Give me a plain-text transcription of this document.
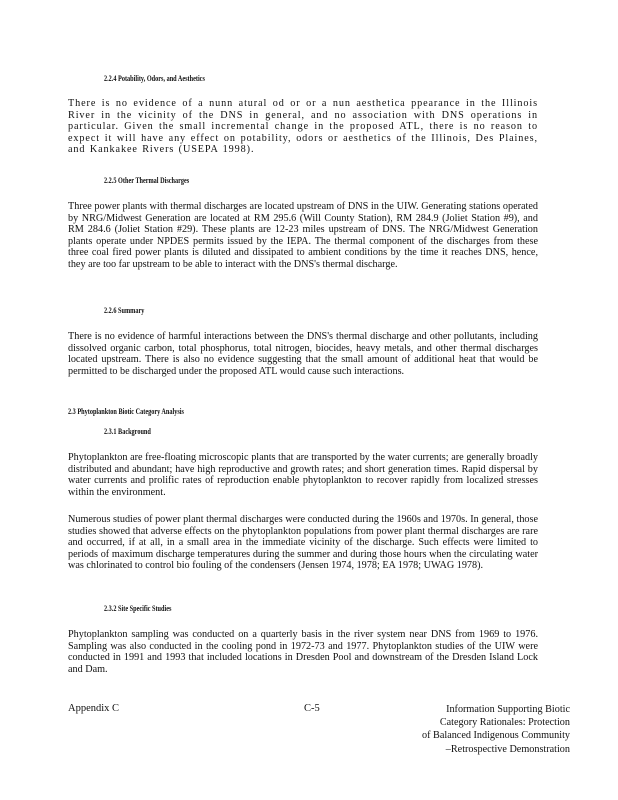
2.2.4 Potability, Odors, and Aesthetics

There is no evidence of a nunn atural od or or a nun aesthetica ppearance in the Illinois River in the vicinity of the DNS in general, and no association with DNS operations in particular. Given the small incremental change in the proposed ATL, there is no reason to expect it will have any effect on potability, odors or aesthetics of the Illinois, Des Plaines, and Kankakee Rivers (USEPA 1998).

2.2.5 Other Thermal Discharges

Three power plants with thermal discharges are located upstream of DNS in the UIW. Generating stations operated by NRG/Midwest Generation are located at RM 295.6 (Will County Station), RM 284.9 (Joliet Station #9), and RM 284.6 (Joliet Station #29). These plants are 12-23 miles upstream of DNS. The NRG/Midwest Generation plants operate under NPDES permits issued by the IEPA. The thermal component of the discharges from these three coal fired power plants is diluted and dissipated to ambient conditions by the time it reaches DNS, hence, they are too far upstream to be able to interact with the DNS's thermal discharge.

2.2.6 Summary

There is no evidence of harmful interactions between the DNS's thermal discharge and other pollutants, including dissolved organic carbon, total phosphorus, total nitrogen, biocides, heavy metals, and other thermal discharges located upstream. There is also no evidence suggesting that the small amount of additional heat that would be permitted to be discharged under the proposed ATL would cause such interactions.

2.3 Phytoplankton Biotic Category Analysis
2.3.1 Background

Phytoplankton are free-floating microscopic plants that are transported by the water currents; are generally broadly distributed and abundant; have high reproductive and growth rates; and short generation times. Rapid dispersal by water currents and prolific rates of reproduction enable phytoplankton to recover rapidly from localized stresses within the environment.

Numerous studies of power plant thermal discharges were conducted during the 1960s and 1970s. In general, those studies showed that adverse effects on the phytoplankton populations from power plant thermal discharges are rare and occurred, if at all, in a small area in the immediate vicinity of the discharge. Such effects were limited to periods of maximum discharge temperatures during the summer and during those hours when the circulating water was chlorinated to control bio fouling of the condensers (Jensen 1974, 1978; EA 1978; UWAG 1978).

2.3.2 Site Specific Studies

Phytoplankton sampling was conducted on a quarterly basis in the river system near DNS from 1969 to 1976. Sampling was also conducted in the cooling pond in 1972-73 and 1977. Phytoplankton studies of the UIW were conducted in 1991 and 1993 that included locations in Dresden Pool and downstream of the Dresden Island Lock and Dam.

Appendix C	C-5	Information Supporting Biotic
Category Rationales: Protection
of Balanced Indigenous Community
–Retrospective Demonstration
